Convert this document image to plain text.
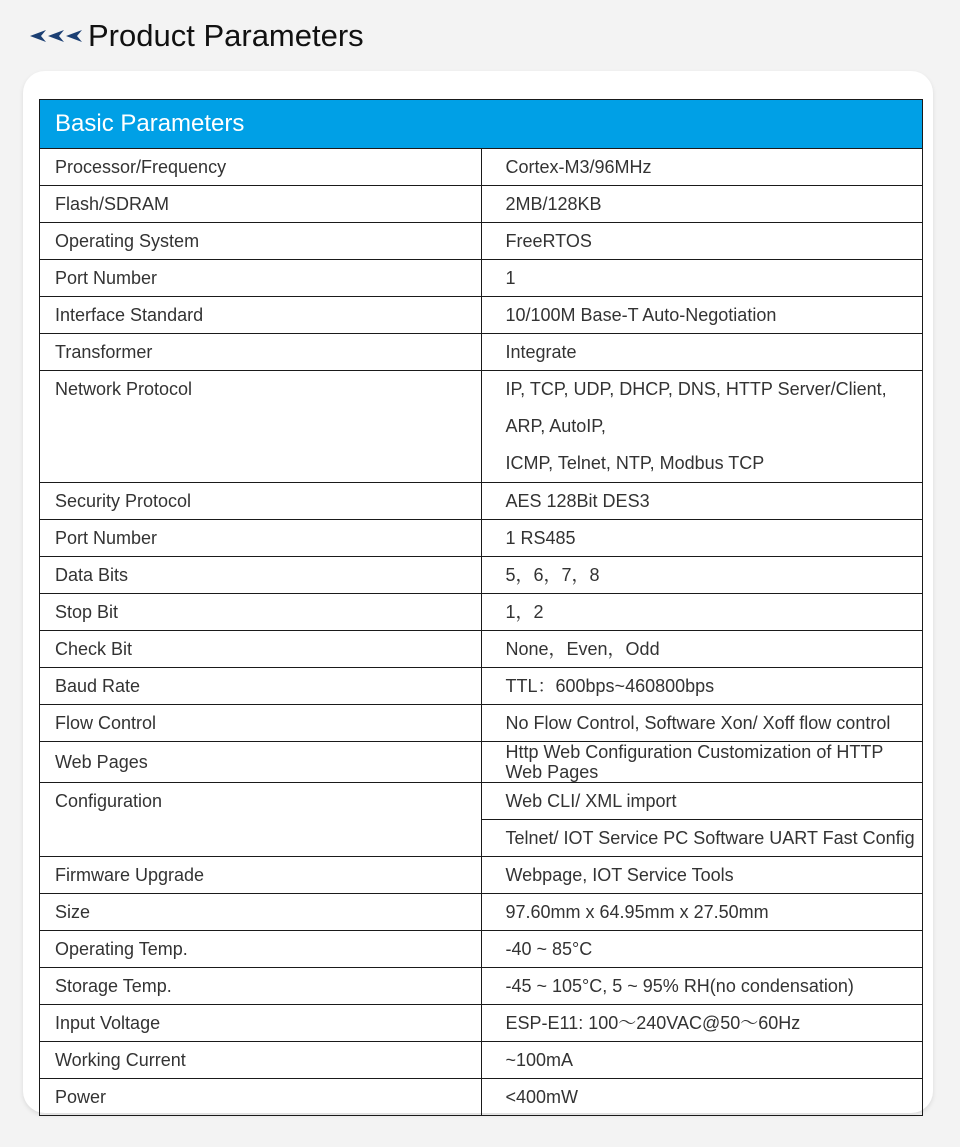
Product Parameters
Basic Parameters	
Processor/Frequency	Cortex-M3/96MHz

Flash/SDRAM	2MB/128KB

Operating System	FreeRTOS

Port Number	1

Interface Standard	10/100M Base-T Auto-Negotiation

Transformer	Integrate

Network Protocol	IP, TCP, UDP, DHCP, DNS, HTTP Server/Client, ARP, AutoIP,
ICMP, Telnet, NTP, Modbus TCP

Security Protocol	AES 128Bit DES3

Port Number	1 RS485

Data Bits	5，6，7，8

Stop Bit	1，2

Check Bit	None，Even，Odd

Baud Rate	TTL：600bps~460800bps

Flow Control	No Flow Control, Software Xon/ Xoff flow control

Web Pages	Http Web Configuration Customization of HTTP Web Pages

Configuration	Web CLI/ XML import
	Telnet/ IOT Service PC Software UART Fast Config
Firmware Upgrade	Webpage, IOT Service Tools

Size	97.60mm x 64.95mm x 27.50mm

Operating Temp.	-40 ~ 85°C

Storage Temp.	-45 ~ 105°C, 5 ~ 95% RH(no condensation)

Input Voltage	ESP-E11: 100～240VAC@50～60Hz

Working Current	~100mA

Power	<400mW
